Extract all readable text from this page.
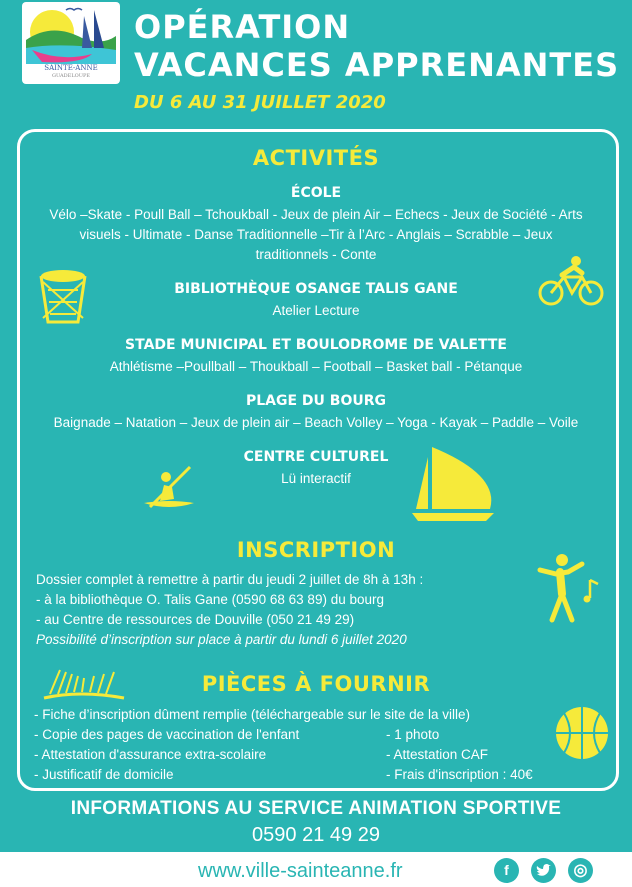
SAINTE-ANNE
GUADELOUPE
OPÉRATION
VACANCES APPRENANTES
DU 6 AU 31 JUILLET 2020
ACTIVITÉS
ÉCOLE
Vélo –Skate - Poull Ball – Tchoukball - Jeux de plein Air – Echecs - Jeux de Société - Arts
visuels - Ultimate - Danse Traditionnelle –Tir à l’Arc - Anglais – Scrabble – Jeux
traditionnels - Conte
BIBLIOTHÈQUE OSANGE TALIS GANE
Atelier Lecture
STADE MUNICIPAL ET BOULODROME DE VALETTE
Athlétisme –Poullball – Thoukball – Football – Basket ball - Pétanque
PLAGE DU BOURG
Baignade – Natation – Jeux de plein air – Beach Volley – Yoga - Kayak – Paddle – Voile
CENTRE CULTUREL
Lü interactif
INSCRIPTION
Dossier complet à remettre à partir du jeudi 2 juillet de 8h à 13h :
- à la bibliothèque O. Talis Gane (0590 68 63 89) du bourg
- au Centre de ressources de Douville (050 21 49 29)
Possibilité d’inscription sur place à partir du lundi 6 juillet 2020
PIÈCES À FOURNIR
- Fiche d’inscription dûment remplie (téléchargeable sur le site de la ville)
- Copie des pages de vaccination de l'enfant
- Attestation d'assurance extra-scolaire
- Justificatif de domicile
- 1 photo
- Attestation CAF
- Frais d'inscription : 40€
INFORMATIONS AU SERVICE ANIMATION SPORTIVE
0590 21 49 29
www.ville-sainteanne.fr	f	◎
